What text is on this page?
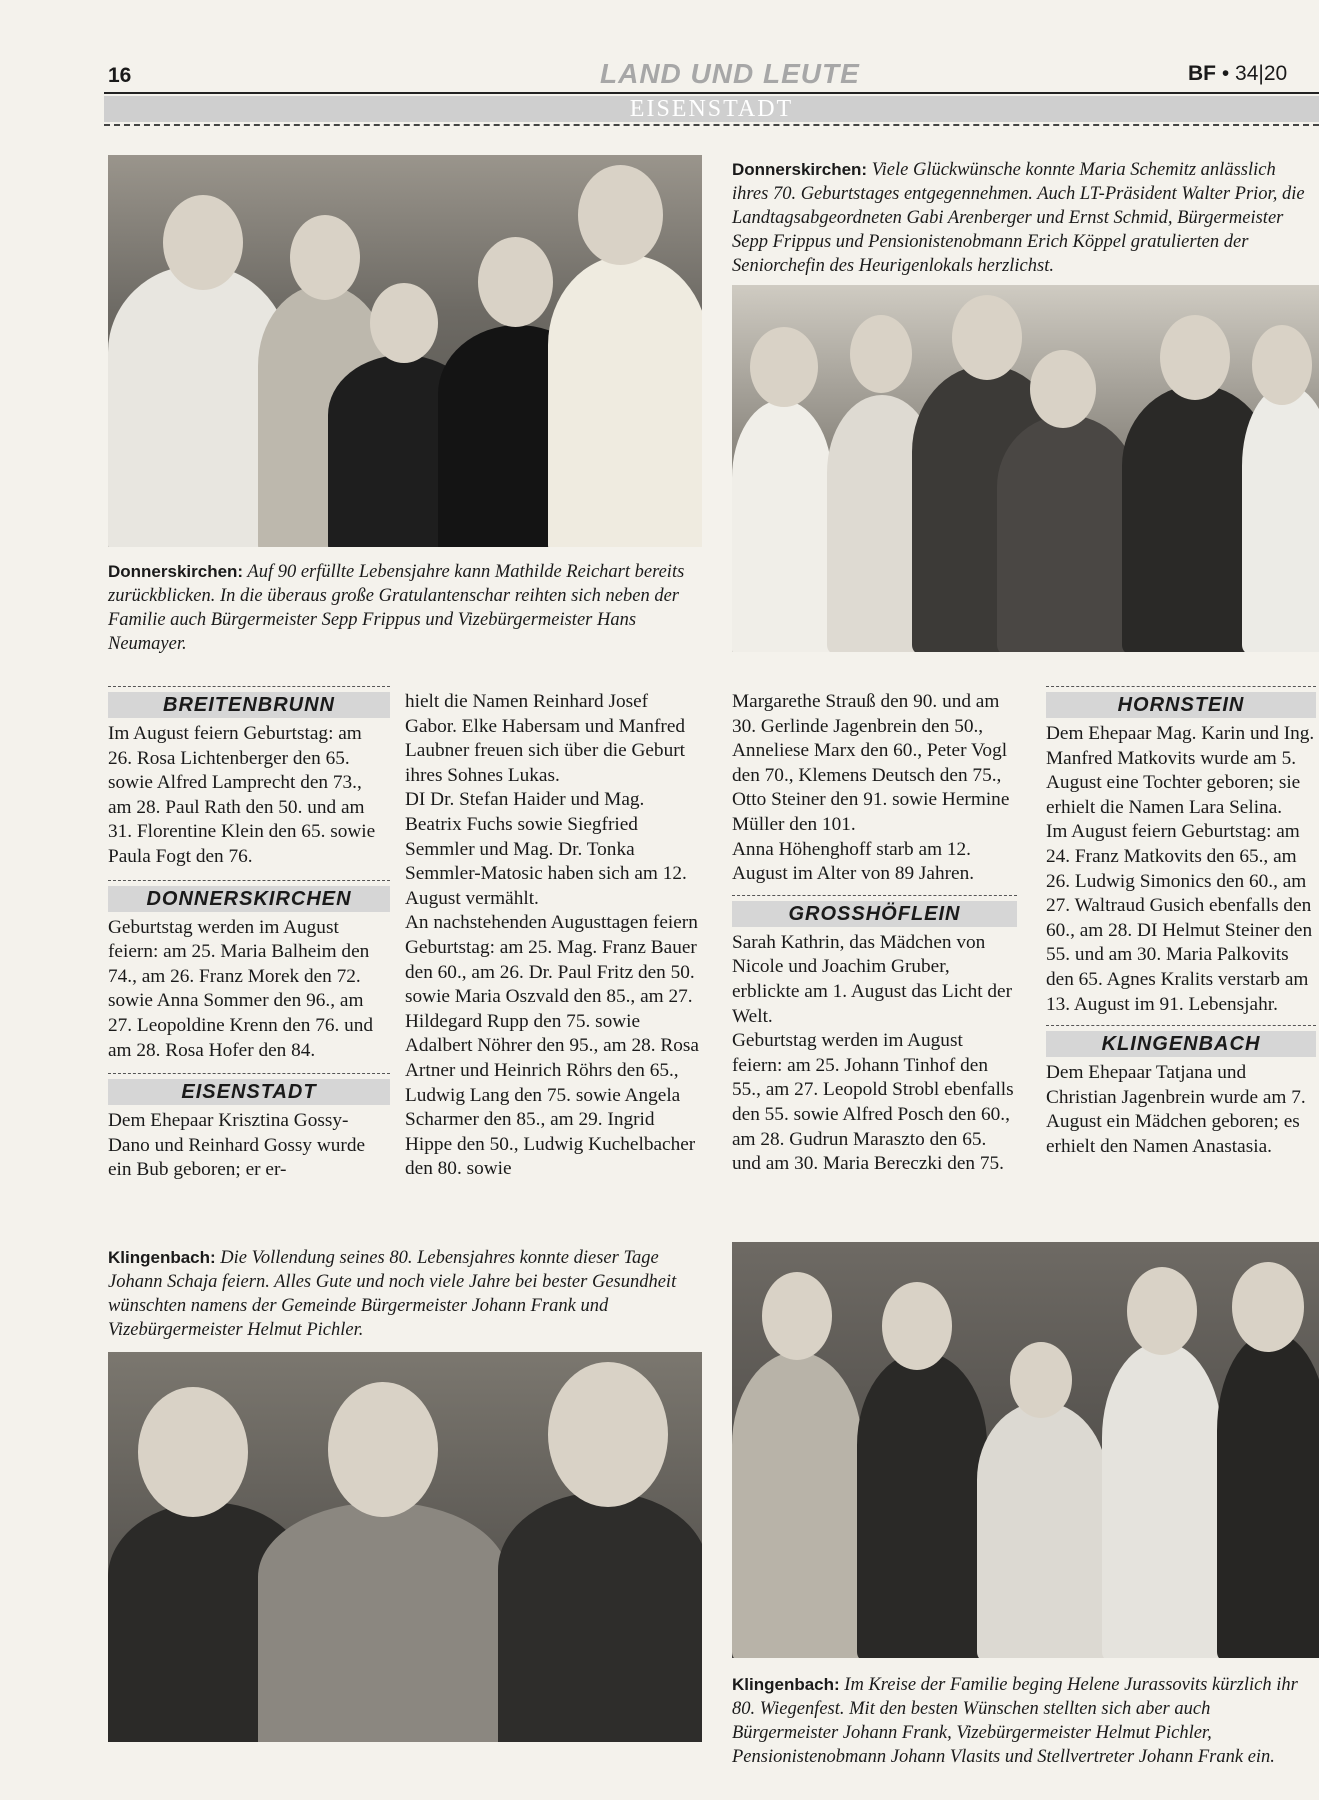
16	LAND UND LEUTE	BF • 34|20
EISENSTADT
Donnerskirchen: Auf 90 erfüllte Lebensjahre kann Mathilde Reichart bereits zurückblicken. In die überaus große Gratulantenschar reihten sich neben der Familie auch Bürgermeister Sepp Frippus und Vizebürgermeister Hans Neumayer.
Donnerskirchen: Viele Glückwünsche konnte Maria Schemitz anlässlich ihres 70. Geburtstages entgegennehmen. Auch LT-Präsident Walter Prior, die Landtagsabgeordneten Gabi Arenberger und Ernst Schmid, Bürgermeister Sepp Frippus und Pensionistenobmann Erich Köppel gratulierten der Seniorchefin des Heurigenlokals herzlichst.
BREITENBRUNN
Im August feiern Geburtstag: am 26. Rosa Lichtenberger den 65. sowie Alfred Lamprecht den 73., am 28. Paul Rath den 50. und am 31. Florentine Klein den 65. sowie Paula Fogt den 76.
DONNERSKIRCHEN
Geburtstag werden im August feiern: am 25. Maria Balheim den 74., am 26. Franz Morek den 72. sowie Anna Sommer den 96., am 27. Leopoldine Krenn den 76. und am 28. Rosa Hofer den 84.
EISENSTADT
Dem Ehepaar Krisztina Gossy-Dano und Reinhard Gossy wurde ein Bub geboren; er er-
hielt die Namen Reinhard Josef Gabor. Elke Habersam und Manfred Laubner freuen sich über die Geburt ihres Sohnes Lukas.
DI Dr. Stefan Haider und Mag. Beatrix Fuchs sowie Siegfried Semmler und Mag. Dr. Tonka Semmler-Matosic haben sich am 12. August vermählt.
An nachstehenden Augusttagen feiern Geburtstag: am 25. Mag. Franz Bauer den 60., am 26. Dr. Paul Fritz den 50. sowie Maria Oszvald den 85., am 27. Hildegard Rupp den 75. sowie Adalbert Nöhrer den 95., am 28. Rosa Artner und Heinrich Röhrs den 65., Ludwig Lang den 75. sowie Angela Scharmer den 85., am 29. Ingrid Hippe den 50., Ludwig Kuchelbacher den 80. sowie
Margarethe Strauß den 90. und am 30. Gerlinde Jagenbrein den 50., Anneliese Marx den 60., Peter Vogl den 70., Klemens Deutsch den 75., Otto Steiner den 91. sowie Hermine Müller den 101.
Anna Höhenghoff starb am 12. August im Alter von 89 Jahren.
GROSSHÖFLEIN
Sarah Kathrin, das Mädchen von Nicole und Joachim Gruber, erblickte am 1. August das Licht der Welt.
Geburtstag werden im August feiern: am 25. Johann Tinhof den 55., am 27. Leopold Strobl ebenfalls den 55. sowie Alfred Posch den 60., am 28. Gudrun Maraszto den 65. und am 30. Maria Bereczki den 75.
HORNSTEIN
Dem Ehepaar Mag. Karin und Ing. Manfred Matkovits wurde am 5. August eine Tochter geboren; sie erhielt die Namen Lara Selina.
Im August feiern Geburtstag: am 24. Franz Matkovits den 65., am 26. Ludwig Simonics den 60., am 27. Waltraud Gusich ebenfalls den 60., am 28. DI Helmut Steiner den 55. und am 30. Maria Palkovits den 65. Agnes Kralits verstarb am 13. August im 91. Lebensjahr.
KLINGENBACH
Dem Ehepaar Tatjana und Christian Jagenbrein wurde am 7. August ein Mädchen geboren; es erhielt den Namen Anastasia.
Klingenbach: Die Vollendung seines 80. Lebensjahres konnte dieser Tage Johann Schaja feiern. Alles Gute und noch viele Jahre bei bester Gesundheit wünschten namens der Gemeinde Bürgermeister Johann Frank und Vizebürgermeister Helmut Pichler.
Klingenbach: Im Kreise der Familie beging Helene Jurassovits kürzlich ihr 80. Wiegenfest. Mit den besten Wünschen stellten sich aber auch Bürgermeister Johann Frank, Vizebürgermeister Helmut Pichler, Pensionistenobmann Johann Vlasits und Stellvertreter Johann Frank ein.
